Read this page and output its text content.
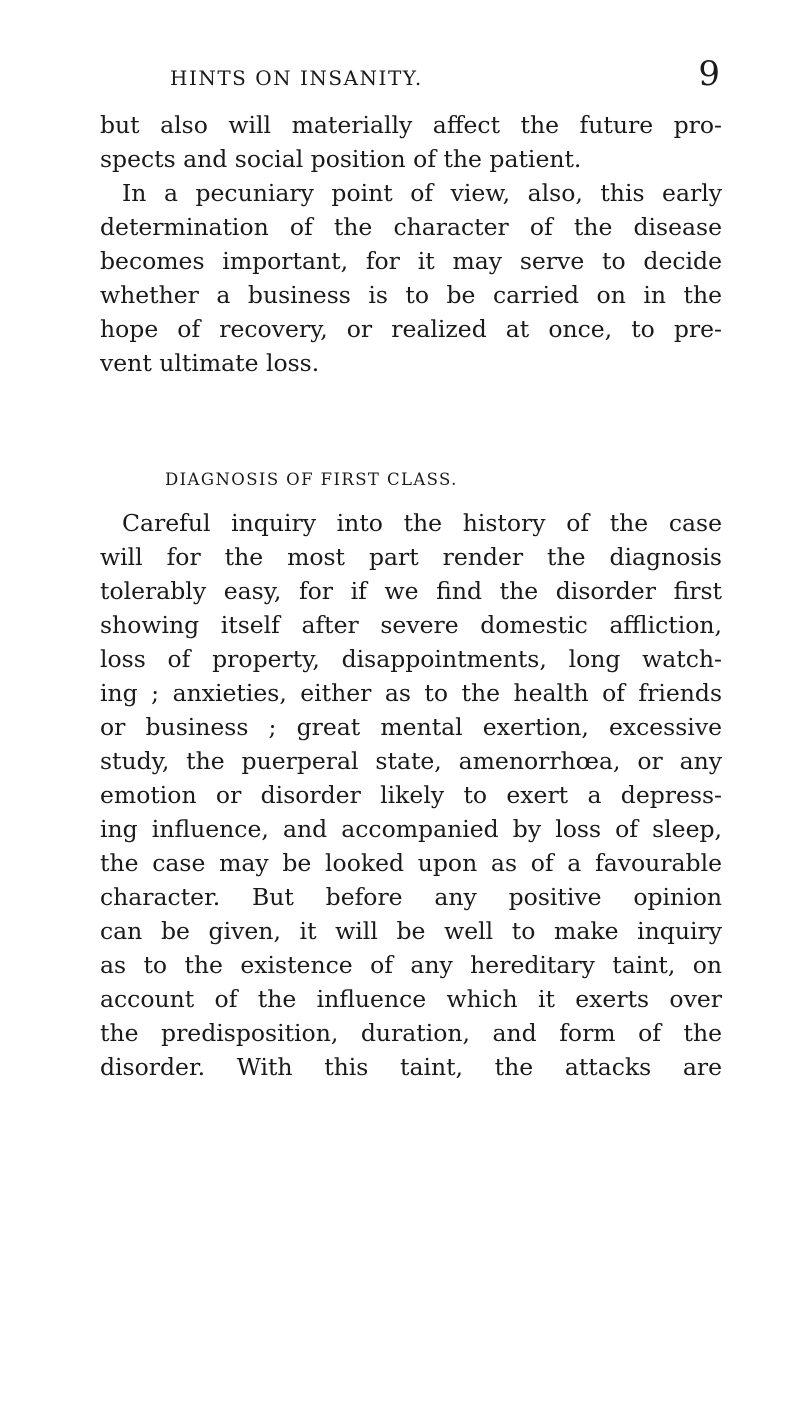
HINTS ON INSANITY.	9
but also will materially affect the future pro-
spects and social position of the patient.
In a pecuniary point of view, also, this early
determination of the character of the disease
becomes important, for it may serve to decide
whether a business is to be carried on in the
hope of recovery, or realized at once, to pre-
vent ultimate loss.
DIAGNOSIS OF FIRST CLASS.
Careful inquiry into the history of the case
will for the most part render the diagnosis
tolerably easy, for if we find the disorder first
showing itself after severe domestic affliction,
loss of property, disappointments, long watch-
ing ; anxieties, either as to the health of friends
or business ; great mental exertion, excessive
study, the puerperal state, amenorrhœa, or any
emotion or disorder likely to exert a depress-
ing influence, and accompanied by loss of sleep,
the case may be looked upon as of a favourable
character. But before any positive opinion
can be given, it will be well to make inquiry
as to the existence of any hereditary taint, on
account of the influence which it exerts over
the predisposition, duration, and form of the
disorder. With this taint, the attacks are
